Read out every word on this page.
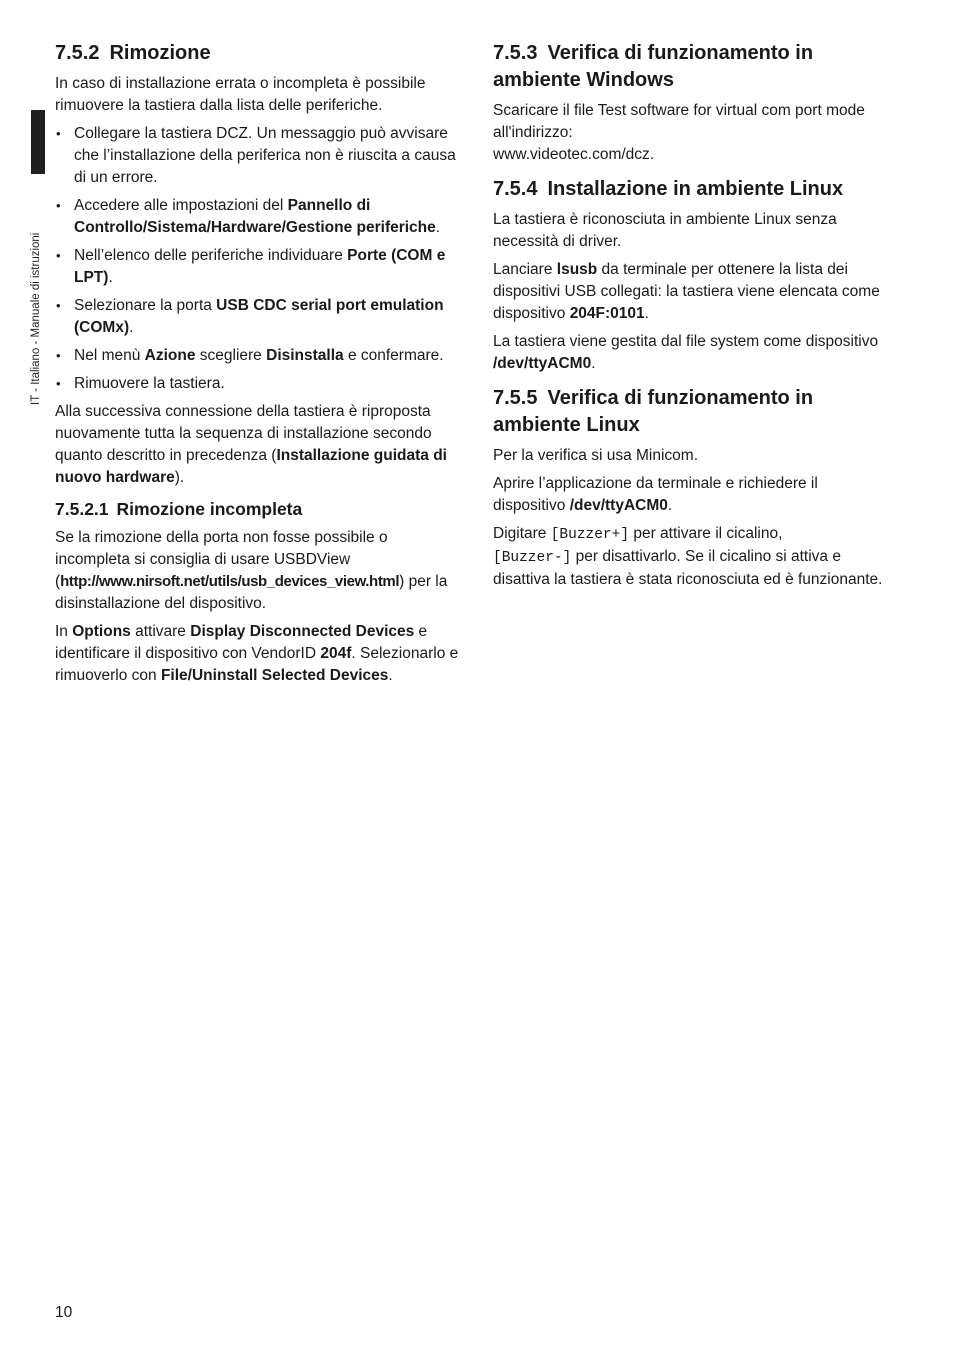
IT - Italiano - Manuale di istruzioni
7.5.2 Rimozione

In caso di installazione errata o incompleta è possibile rimuovere la tastiera dalla lista delle periferiche.

• Collegare la tastiera DCZ. Un messaggio può avvisare che l’installazione della periferica non è riuscita a causa di un errore.
• Accedere alle impostazioni del Pannello di Controllo/Sistema/Hardware/Gestione periferiche.
• Nell’elenco delle periferiche individuare Porte (COM e LPT).
• Selezionare la porta USB CDC serial port emulation (COMx).
• Nel menù Azione scegliere Disinstalla e confermare.
• Rimuovere la tastiera.

Alla successiva connessione della tastiera è riproposta nuovamente tutta la sequenza di installazione secondo quanto descritto in precedenza (Installazione guidata di nuovo hardware).

7.5.2.1 Rimozione incompleta

Se la rimozione della porta non fosse possibile o incompleta si consiglia di usare USBDView (http://www.nirsoft.net/utils/usb_devices_view.html) per la disinstallazione del dispositivo.

In Options attivare Display Disconnected Devices e identificare il dispositivo con VendorID 204f. Selezionarlo e rimuoverlo con File/Uninstall Selected Devices.

7.5.3 Verifica di funzionamento in ambiente Windows

Scaricare il file Test software for virtual com port mode all'indirizzo:
www.videotec.com/dcz.

7.5.4 Installazione in ambiente Linux

La tastiera è riconosciuta in ambiente Linux senza necessità di driver.

Lanciare lsusb da terminale per ottenere la lista dei dispositivi USB collegati: la tastiera viene elencata come dispositivo 204F:0101.

La tastiera viene gestita dal file system come dispositivo /dev/ttyACM0.

7.5.5 Verifica di funzionamento in ambiente Linux

Per la verifica si usa Minicom.

Aprire l’applicazione da terminale e richiedere il dispositivo /dev/ttyACM0.

Digitare [Buzzer+] per attivare il cicalino,
[Buzzer-] per disattivarlo. Se il cicalino si attiva e disattiva la tastiera è stata riconosciuta ed è funzionante.

10
